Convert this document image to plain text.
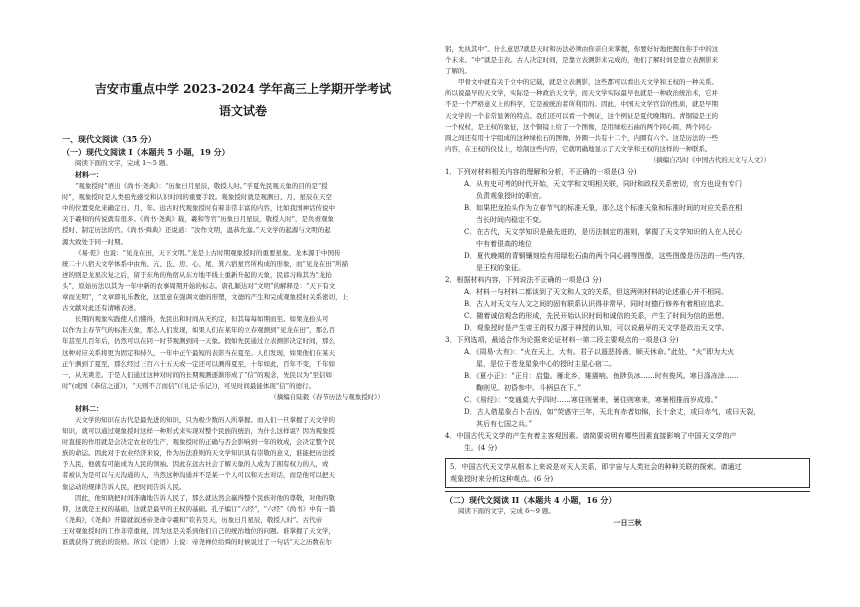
吉安市重点中学 2023-2024 学年高三上学期开学考试

语文试卷

一、现代文阅读（35 分）

（一）现代文阅读 I（本题共 5 小题，19 分）

阅读下面的文字，完成 1～5 题。

材料一：

“观象授时”语出《尚书·尧典》：“历象日月星辰，敬授人时。”孚夏先民观天象的目的是“授

时”，观象授时是人类祖先感受和认识时间的重要手段。观象授时就是观测日、月、星辰在天空

中的位置变化来确定日、月、年。远古时代观象授时有着非常丰富的内容，比如我国神话传说中

关于羲和的传说就有很多。《尚书·尧典》载，羲和等官“历象日月星辰，敬授人时”，是负责观象

授时、制定历法的官。《尚书·舜典》还说道：“汝作文明，温恭允塞。”天文学的起源与文明的起

源大致处于同一时期。

《易·乾》也说：“见龙在田，天下文明。”龙是上古时期观象授时的重要星象。龙本源于中国传

统二十八宿天文学体系中由角、亢、氐、房、心、尾、箕六宿星官所构成的形象，而“见龙在田”所描

述的则是龙星次复之后，留于东角的角宿从东方地平线上重新升起的天象，民谚习称其为“龙抬

头”，原始历法以其为一年中新的农事周期开始的标志。唐孔颖达对“文明”的解释是：“天下有文

章而光明”，“文章即礼乐教化，这里意在强调文德的形塑，文德的产生和完成观象授时关系密切，上

古文献对此还有清晰表述。

长期的观象实践使人们懂得，先民出和时间从无约定，但其每每如期而至。如果龙抬头可

以作为主春节气的标准天象，那么人们发现，如果人们在某年的立春观测到“见龙在田”，那么百

年甚至几百年后，仍然可以在同一时节观测到同一天象。假如先民通过立表测影决定时间，那么

这种对应关系将更为固定和持久，一年中正午最短的表影当在夏至。人们发现，如果他们在某天

正午测到了夏至，那么经过三百六十五天或一定还可以测得夏至，十年如此，百年不变，千年如

一，从无爽差。于是人们通过这种对时间的长期观测逐渐形成了“信”的观念，先民以为“至信如

时”(或国《恭信之道》)，“天则不言而信”(《礼记·乐记》)，可见时间最能体现“信”的德行。

（摘编自陆毅《春节历法与观象授时》）

材料二：

天文学的知识在古代是最先进的知识，只为极少数的人所掌握。而人们一旦掌握了天文学的

知识，就可以通过观象授时这样一种形式来实现对整个民族的统治，为什么这样说？因为观象授

时直接的作用就是会决定农业的生产，观象授时的正确与否会影响到一年的收成，会决定整个民

族的命运。因此对于农业经济来说，作为历法准则的天文学知识具有崇敬的意义，谁能把历法授

予人民，他就有可能成为人民的领袖。因此在远古社会了解天象的人成为了拥有权力的人，或

者被认为是可以与天沟通的人，当然这种沟通并不是某一个人可以和天去对话，而是他可以把天

象运动的规律告诉人民，把时间告诉人民。

因此，他知晓把时间准确地告诉人民了，那么就达然会赢得整个民族对他的尊敬，对他的敬

仰，这就是王权的基础，这就是最早的王权的基础。孔子编订“六经”，“六经”《尚书》中有一篇

《尧典》，《尧典》开篇就叙述帝尧命令羲和“钦若昊天，历象日月星辰，敬授人时”。古代帝

王对观象授时的工作非常重视，因为这是关系到他们自己的统治地位的问题。谁掌握了天文学，

谁就获得了统治的资格。所以《论语》上说：帝尧禅位给舜的时候说过了一句话“天之历数在尔

躬，允执其中”。什么意思?就是天时和历法必须由你亲自来掌握，你要好好地把握住你手中的这

个未来。“中”就是圭表。古人决定时间，是靠立表测影来完成的，他们了解时间是靠立表测影来

了解的。

甲骨文中就有关于立中的记载，就是立表测影，这些都可以看出天文学和王权的一种关系。

所以说最早的天文学，实际是一种政治天文学，而天文学实际最早也就是一种政治统治术，它并

不是一个严格意义上的科学，它是被统治者所利用的。因此，中国天文学官营的性质，就是早期

天文学的一个非常显著的特点。我们还可以看一个例证，这个例证是夏代晚期的。青铜镜是王的

一个权杖，是王权的象征，这个铜镜上给了一个图像，是用绿松石曲的两个同心圆，两个同心

圆之间还有用十字组成的这种绿松石的图像，外圈一共有十二个，内圈有六个。这是历法的一些

内容，在王权的仪仗上，绘制这些内容，它就明确地显示了天文学和王权的这样的一种联系。

（摘编自冯时《中国古代的天文与人文》）

1．下列对材料相关内容的理解和分析，不正确的一项是(3 分)

A．从有史可考的时代开始，天文学和文明相关联，同时和政权关系密切，官方也设有专门

负责观象授时的职官。

B．如果把龙抬头作为立春节气的标准天象，那么这个标准天象和标准时间的对应关系在相

当长时间内稳定不变。

C．在古代，天文学知识是最先进的，是历法制定的准则，掌握了天文学知识的人在人民心

中有着很高的地位

D．夏代晚期的青铜镶刻绘有用绿松石曲的两个同心圆等图像，这些图像是历法的一些内容，

是王权的象征。

2．根据材料内容，下列说法不正确的一项是(3 分)

A．材料一与材料二都谈到了天文和人文的关系，但这两则材料的论述重心并不相同。

B．古人对天文与人文之间的固有联系认识得非常早，同时对德行修养有着相应追求。

C．随着诚信观念的形成，先民开始认识时间和诚信的关系，产生了时间为信的思想。

D．观象授时是产生帝王的权力源于神授的认知，可以说最早的天文学是政治天文学。

3．下列选项，最适合作为论据来论证材料一第二段主要观点的一项是(3 分)

A．《周易·大有》：“火在天上，大有。君子以遏恶扬善，顺天休命。”此处，“火”即为大火

星，是位于苍龙星象中心的授时主星心宿二。

B．《夏小正》：“正月：启蛰。雁北乡，雉震响。鱼陟负冰……时有俊风。寒日涤冻涂……

鞠则见。初昏参中。斗柄县在下。”

C．《易经》：“变通莫大乎四时……寒往则暑来，暑往则寒来，寒暑相推而岁成焉。”

D．古人借星象占卜吉凶，如“荧惑守三年，天北有赤者如锦，长十余丈，或曰赤气，或曰天裂，

其后有七国之兵。”

4．中国古代天文学的产生有着主客观因素。请简要说明有哪些因素直接影响了中国天文学的产

生。(4 分)

5．中国古代天文学从根本上来说是对天人关系，即宇宙与人类社会的种种关联的探索。请通过

观象授时来分析这种观点。(6 分)

（二）现代文阅读 II（本题共 4 小题，16 分）

阅读下面的文字，完成 6～9 题。

一日三秋
